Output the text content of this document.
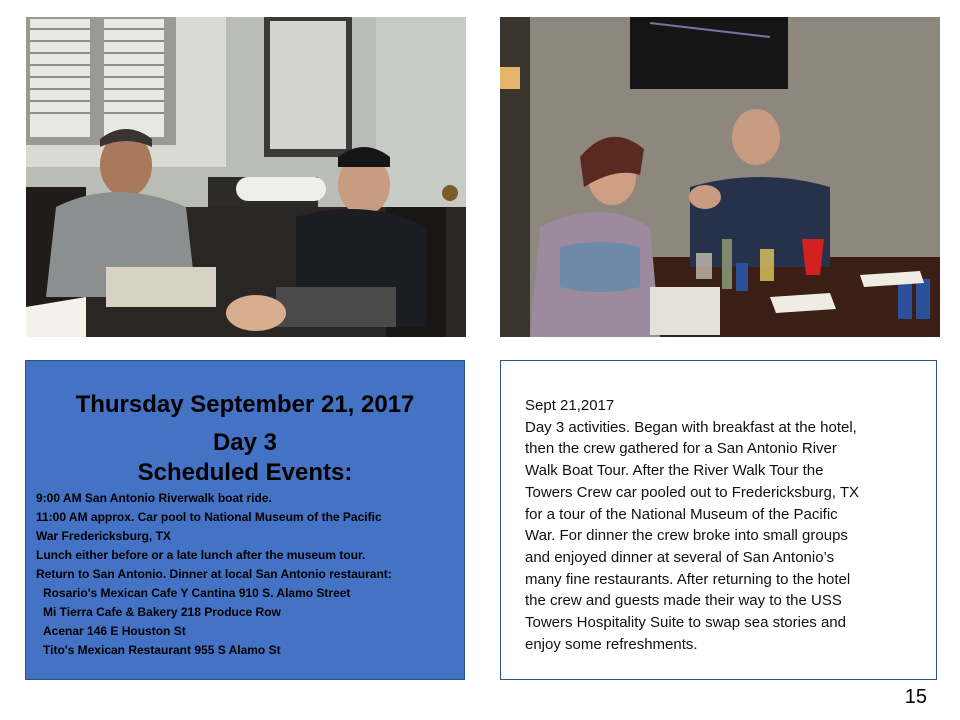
Thursday September 21, 2017
Day 3
Scheduled Events:
9:00 AM San Antonio Riverwalk boat ride.
11:00 AM approx. Car pool to National Museum of the Pacific
War Fredericksburg, TX
Lunch either before or a late lunch after the museum tour.
Return to San Antonio. Dinner at local San Antonio restaurant:
Rosario's Mexican Cafe Y Cantina 910 S. Alamo Street
Mi Tierra Cafe & Bakery 218 Produce Row
Acenar 146 E Houston St
Tito's Mexican Restaurant 955 S Alamo St
Sept 21,2017
Day 3 activities. Began with breakfast at the hotel,
then the crew gathered for a San Antonio River
Walk Boat Tour. After the River Walk Tour the
Towers Crew car pooled out to Fredericksburg, TX
for a tour of the National Museum of the Pacific
War. For dinner the crew broke into small groups
and enjoyed dinner at several of San Antonio’s
many fine restaurants. After returning to the hotel
the crew and guests made their way to the USS
Towers Hospitality Suite to swap sea stories and
enjoy some refreshments.
15
